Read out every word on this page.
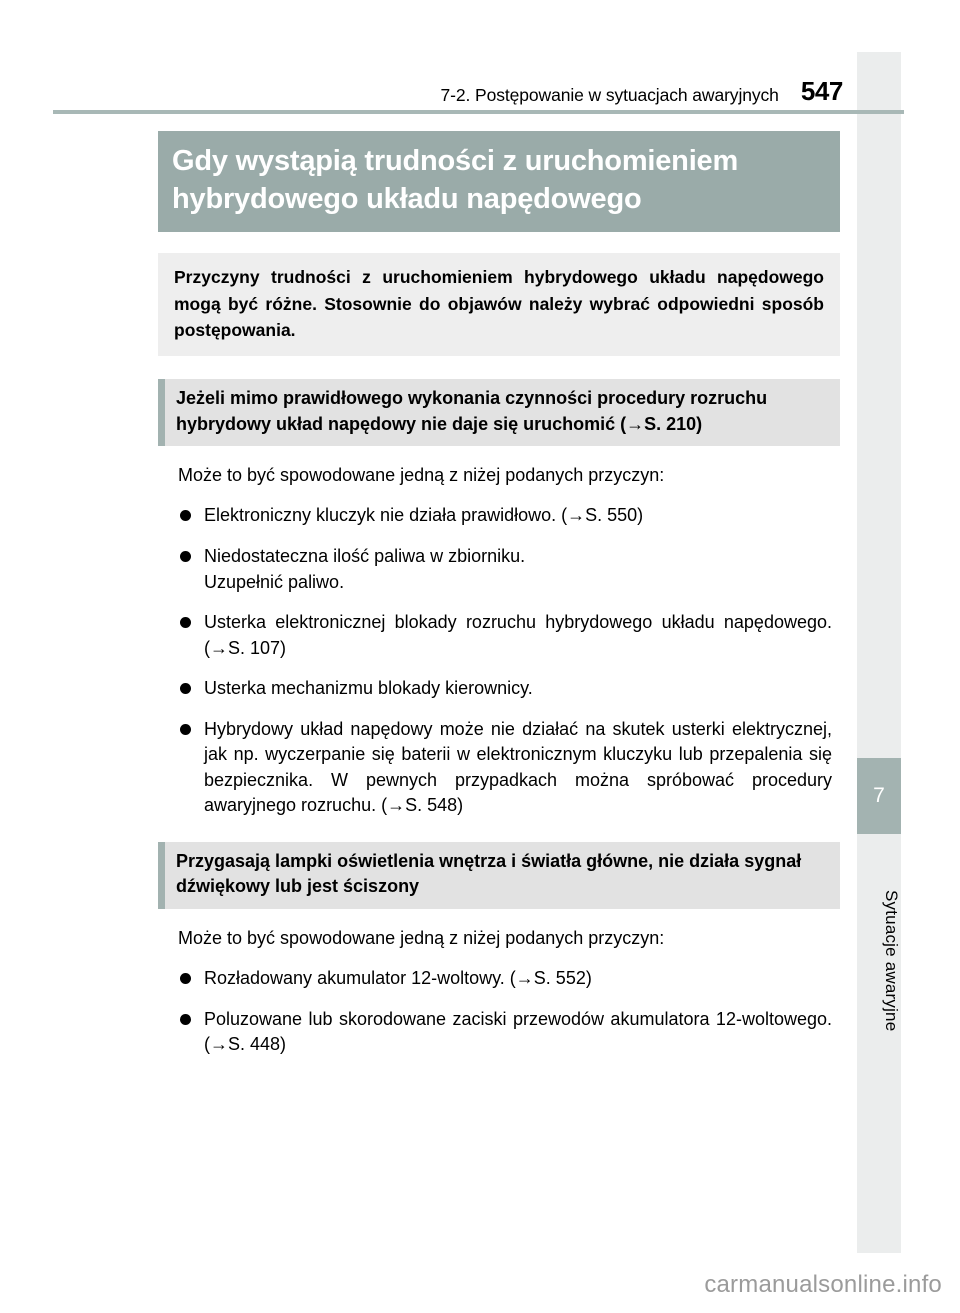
7-2. Postępowanie w sytuacjach awaryjnych 547
Gdy wystąpią trudności z uruchomieniem
hybrydowego układu napędowego

Przyczyny trudności z uruchomieniem hybrydowego układu napędowego mogą być różne. Stosownie do objawów należy wybrać odpowiedni sposób postępowania.

Jeżeli mimo prawidłowego wykonania czynności procedury rozruchu hybrydowy układ napędowy nie daje się uruchomić (→S. 210)

Może to być spowodowane jedną z niżej podanych przyczyn:

Elektroniczny kluczyk nie działa prawidłowo. (→S. 550)
Niedostateczna ilość paliwa w zbiorniku.
Uzupełnić paliwo.
Usterka elektronicznej blokady rozruchu hybrydowego układu napędowego. (→S. 107)
Usterka mechanizmu blokady kierownicy.
Hybrydowy układ napędowy może nie działać na skutek usterki elektrycznej, jak np. wyczerpanie się baterii w elektronicznym kluczyku lub przepalenia się bezpiecznika. W pewnych przypadkach można spróbować procedury awaryjnego rozruchu. (→S. 548)
Przygasają lampki oświetlenia wnętrza i światła główne, nie działa sygnał dźwiękowy lub jest ściszony

Może to być spowodowane jedną z niżej podanych przyczyn:

Rozładowany akumulator 12-woltowy. (→S. 552)
Poluzowane lub skorodowane zaciski przewodów akumulatora 12-woltowego. (→S. 448)
7
Sytuacje awaryjne
carmanualsonline.info
